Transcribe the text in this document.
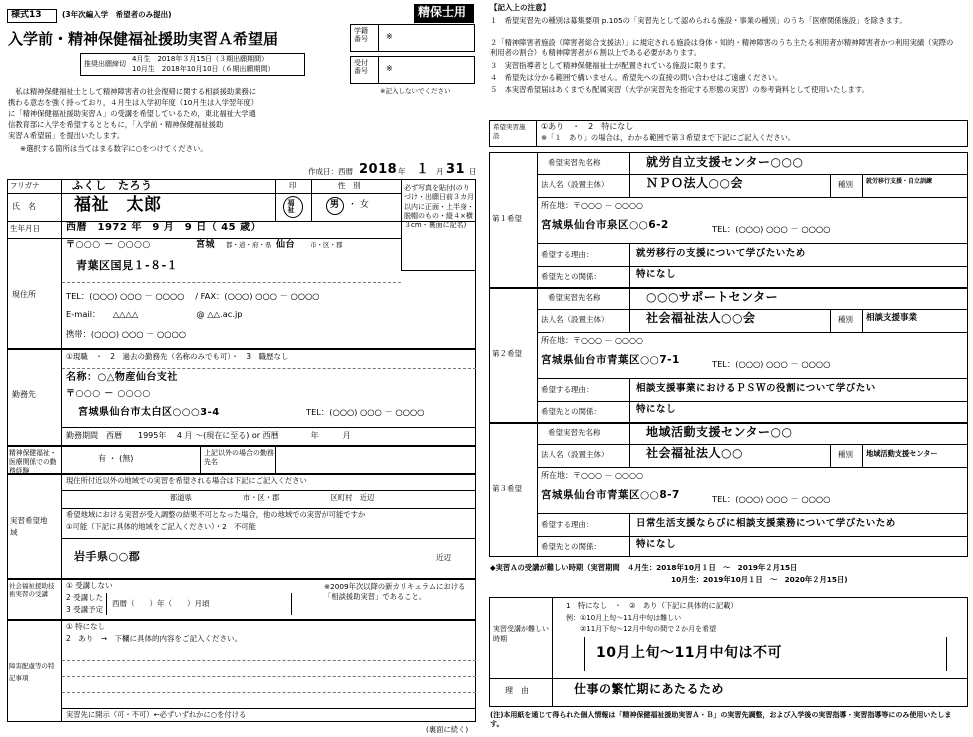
様式13	(3年次編入学　希望者のみ提出)	精保士用
入学前・精神保健福祉援助実習Ａ希望届
推奨出願締切
4月生　2018年３月15日（３期出願期間）
10月生　2018年10月10日（６期出願期間）
学籍
番号 ※
受付
番号 ※
※記入しないでください
　私は精神保健福祉士として精神障害者の社会復帰に関する相談援助業務に
携わる意志を強く持っており，４月生は入学初年度（10月生は入学翌年度）
に「精神保健福祉援助実習Ａ」の受講を希望しているため，東北福祉大学通
信教育部に入学を希望するとともに，「入学前・精神保健福祉援助
実習Ａ希望届」を提出いたします。
※選択する箇所は当てはまる数字に○をつけてください。
作成日：西暦 2018 年 １ 月 31 日
フリガナ	ふくし　たろう
氏　名 福祉　太郎
印
福祉
性　別
男 ・ 女
必ず写真を貼付(のりづけ・出願日前３カ月以内に正面・上半身・脱帽のもの・縦４×横３cm・裏面に記名)
生年月日	西暦　1972 年　9 月　9 日（ 45 歳）
現住所
〒○○○ － ○○○○	宮城 都・道・府・県 仙台 市・区・郡
青葉区国見１-８-１
TEL：(○○○) ○○○ － ○○○○　 / FAX：(○○○) ○○○ － ○○○○
E-mail：　　△△△△　　　　　　　@ △△.ac.jp
携帯：(○○○) ○○○ － ○○○○
勤務先
①現職　・　2　過去の勤務先（名称のみでも可）・　3　職歴なし
名称：○△物産仙台支社
〒○○○ － ○○○○
宮城県仙台市太白区○○○3-4	TEL：(○○○) ○○○ － ○○○○
勤務期間　西暦　　1995年　 4 月 ～(現在に至る) or 西暦　　　　年　　　月
精神保健福祉・医療関係での勤務経験
有 ・ (無)
上記以外の場合の勤務先名
実習希望地　域
現住所付近以外の地域での実習を希望される場合は下記にご記入ください
都道県　　　　　　　市・区・郡　　　　　　　区町村　近辺
希望地域における実習が受入調整の結果不可となった場合，他の地域での実習が可能ですか
①可能（下記に具体的地域をご記入ください）・2　不可能
岩手県○○郡	近辺
社会福祉援助技術実習の受講
① 受講しない
2 受講した
3 受講予定
西暦（　　）年（　　）月頃
※2009年次以降の新カリキュラムにおける「相談援助実習」であること。
障害配慮等の特記事項
① 特になし
2　あり　→　下欄に具体的内容をご記入ください。
実習先に開示（可・不可）←必ずいずれかに○を付ける
(裏面に続く)
【記入上の注意】
１　希望実習先の種別は募集要項 p.105の「実習先として認められる施設・事業の種別」のうち「医療関係施設」を除きます。
２「精神障害者施設（障害者総合支援法）」に規定される施設は身体・知的・精神障害のうち主たる利用者が精神障害者かつ利用実績（実際の利用者の割合）も精神障害者が６割以上である必要があります。
３　実習指導者として精神保健福祉士が配置されている施設に限ります。
４　希望先は分かる範囲で構いません。希望先への直接の問い合わせはご遠慮ください。
５　本実習希望届はあくまでも配属実習（大学が実習先を指定する形態の実習）の参考資料として使用いたします。
希望実習施　設
①あり　・　2　特になし
※「１　あり」の場合は，わかる範囲で第３希望まで下記にご記入ください。
第１希望
希望実習先名称	就労自立支援センター○○○
法人名（設置主体）	ＮＰＯ法人○○会	種別 就労移行支援・自立訓練
所在地：〒○○○ － ○○○○
宮城県仙台市泉区○○6-2	TEL：(○○○) ○○○ － ○○○○
希望する理由：	就労移行の支援について学びたいため
希望先との関係：	特になし
第２希望
希望実習先名称	○○○サポートセンター
法人名（設置主体）	社会福祉法人○○会	種別 相談支援事業
所在地：〒○○○ － ○○○○
宮城県仙台市青葉区○○7-1	TEL：(○○○) ○○○ － ○○○○
希望する理由：	相談支援事業におけるＰＳＷの役割について学びたい
希望先との関係：	特になし
第３希望
希望実習先名称	地域活動支援センター○○
法人名（設置主体）	社会福祉法人○○	種別 地域活動支援センター
所在地：〒○○○ － ○○○○
宮城県仙台市青葉区○○8-7	TEL：(○○○) ○○○ － ○○○○
希望する理由：	日常生活支援ならびに相談支援業務について学びたいため
希望先との関係：	特になし
◆実習Ａの受講が難しい時期（実習期間　４月生：2018年10月１日　～　2019年２月15日
10月生：2019年10月１日　～　2020年２月15日)
実習受講が難しい時期
1　特になし　・　②　あり（下記に具体的に記載）
例：①10月上旬～11月中旬は難しい
②11月下旬～12月中旬の間で２か月を希望
10月上旬～11月中旬は不可
理　由	仕事の繁忙期にあたるため
(注)本用紙を通じて得られた個人情報は「精神保健福祉援助実習Ａ・Ｂ」の実習先調整，および入学後の実習指導・実習指導等にのみ使用いたします。
